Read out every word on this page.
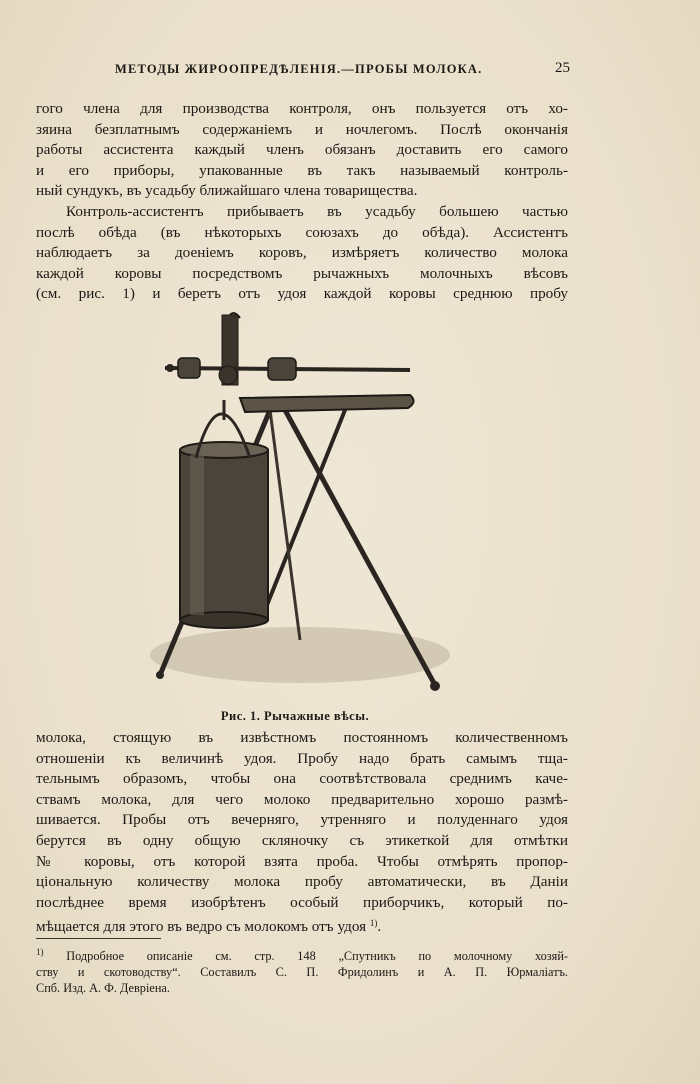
МЕТОДЫ ЖИРООПРЕДѢЛЕНІЯ.—ПРОБЫ МОЛОКА.	25
гого члена для производства контроля, онъ пользуется отъ хо-
зяина безплатнымъ содержаніемъ и ночлегомъ. Послѣ окончанія
работы ассистента каждый членъ обязанъ доставить его самого
и его приборы, упакованные въ такъ называемый контроль-
ный сундукъ, въ усадьбу ближайшаго члена товарищества.
Контроль-ассистентъ прибываетъ въ усадьбу большею частью
послѣ обѣда (въ нѣкоторыхъ союзахъ до обѣда). Ассистентъ
наблюдаетъ за доеніемъ коровъ, измѣряетъ количество молока
каждой коровы посредствомъ рычажныхъ молочныхъ вѣсовъ
(см. рис. 1) и беретъ отъ удоя каждой коровы среднюю пробу
Рис. 1. Рычажные вѣсы.
молока, стоящую въ извѣстномъ постоянномъ количественномъ
отношеніи къ величинѣ удоя. Пробу надо брать самымъ тща-
тельнымъ образомъ, чтобы она соотвѣтствовала среднимъ каче-
ствамъ молока, для чего молоко предварительно хорошо размѣ-
шивается. Пробы отъ вечерняго, утренняго и полуденнаго удоя
берутся въ одну общую скляночку съ этикеткой для отмѣтки
№ коровы, отъ которой взята проба. Чтобы отмѣрять пропор-
ціональную количеству молока пробу автоматически, въ Даніи
послѣднее время изобрѣтенъ особый приборчикъ, который по-
мѣщается для этого въ ведро съ молокомъ отъ удоя $^{1)}$.
$^{1)}$ Подробное описаніе см. стр. 148 „Спутникъ по молочному хозяй-
ству и скотоводству“. Составилъ С. П. Фридолинъ и А. П. Юрмаліатъ.
Спб. Изд. А. Ф. Девріена.
